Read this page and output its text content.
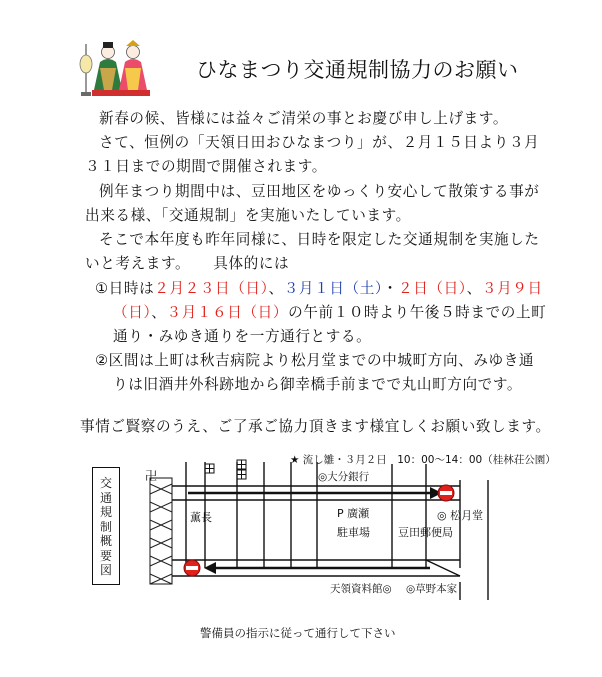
ひなまつり交通規制協力のお願い
新春の候、皆様には益々ご清栄の事とお慶び申し上げます。
さて、恒例の「天領日田おひなまつり」が、２月１５日より３月
３１日までの期間で開催されます。
例年まつり期間中は、豆田地区をゆっくり安心して散策する事が
出来る様、「交通規制」を実施いたしています。
そこで本年度も昨年同様に、日時を限定した交通規制を実施した
いと考えます。　　具体的には
①日時は２月２３日（日）、３月１日（土）・２日（日）、３月９日
（日）、３月１６日（日）の午前１０時より午後５時までの上町
通り・みゆき通りを一方通行とする。
②区間は上町は秋吉病院より松月堂までの中城町方向、みゆき通
りは旧酒井外科跡地から御幸橋手前までで丸山町方向です。
事情ご賢察のうえ、ご了承ご協力頂きます様宜しくお願い致します。
交通規制概要図
卍
★ 流し雛・３月２日　10：00～14：00（桂林荘公園）
◎大分銀行
薫長	P 廣瀬
駐車場
◎ 松月堂
豆田郵便局
天領資料館◎ ◎草野本家
警備員の指示に従って通行して下さい
